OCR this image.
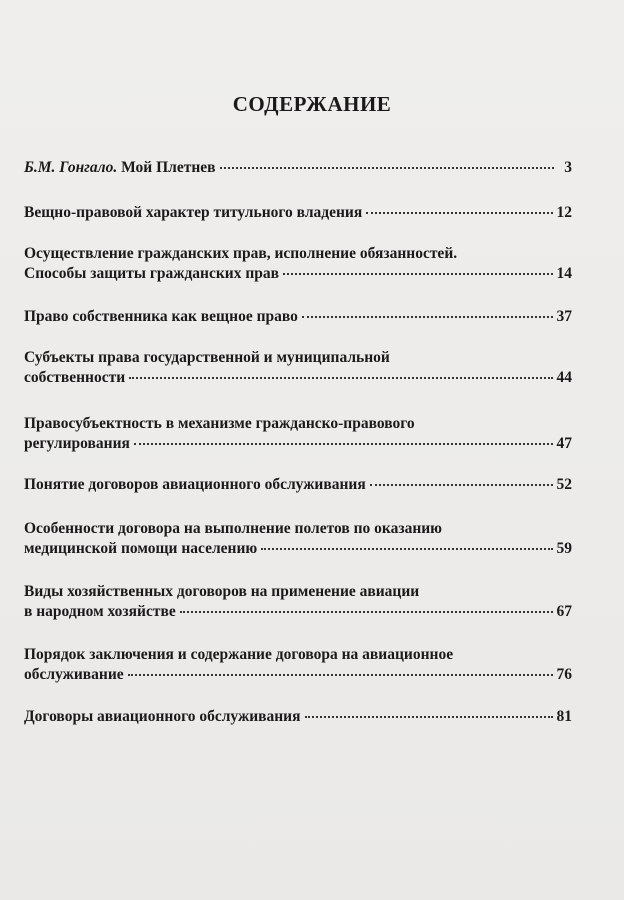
СОДЕРЖАНИЕ
Б.М. Гонгало. Мой Плетнев	3
Вещно-правовой характер титульного владения	12
Осуществление гражданских прав, исполнение обязанностей.
Способы защиты гражданских прав	14
Право собственника как вещное право	37
Субъекты права государственной и муниципальной
собственности	44
Правосубъектность в механизме гражданско-правового
регулирования	47
Понятие договоров авиационного обслуживания	52
Особенности договора на выполнение полетов по оказанию
медицинской помощи населению	59
Виды хозяйственных договоров на применение авиации
в народном хозяйстве	67
Порядок заключения и содержание договора на авиационное
обслуживание	76
Договоры авиационного обслуживания	81
